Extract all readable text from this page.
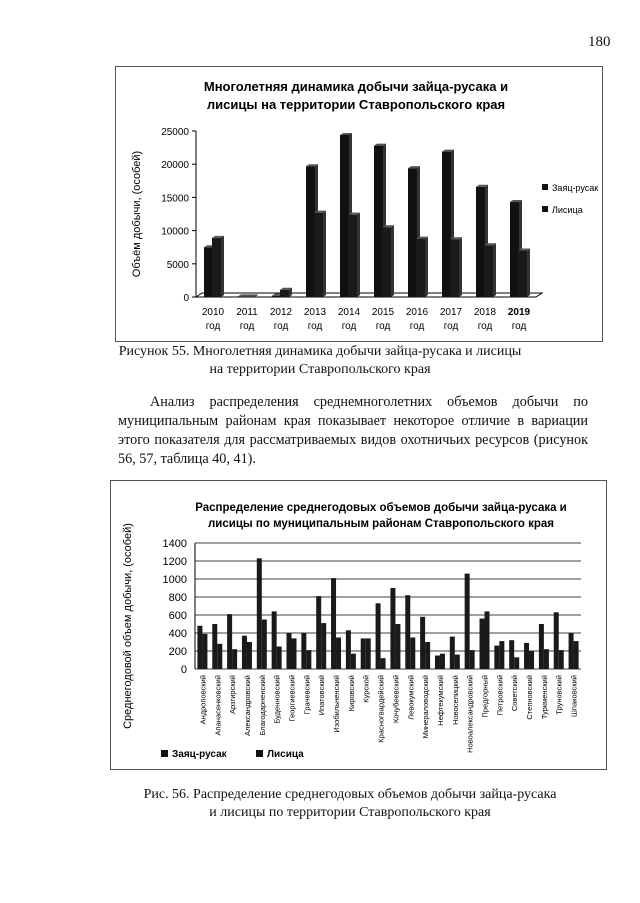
180
Многолетняя динамика добычи зайца-русака и
лисицы на территории Ставропольского края
0
5000
10000
15000
20000
25000
Объём добычи, (особей)
2010
год
2011
год
2012
год
2013
год
2014
год
2015
год
2016
год
2017
год
2018
год
2019
год
Заяц-русак
Лисица
Рисунок 55. Многолетняя динамика добычи зайца-русака и лисицы
на территории Ставропольского края
Анализ распределения среднемноголетних объемов добычи по муниципальным районам края показывает некоторое отличие в вариации этого показателя для рассматриваемых видов охотничьих ресурсов (рисунок 56, 57, таблица 40, 41).
Распределение среднегодовых объемов добычи зайца-русака и
лисицы по муниципальным районам Ставропольского края
0
200
400
600
800
1000
1200
1400
Среднегодовой объем добычи, (особей)	Андроповский Апанасенковский Арзгирский Александровский Благодарненский Буденновский Георгиевский Грачевский Ипатовский Изобильненский Кировский Курской Красногвардейский Кочубеевский Левокумский Минераловодский Нефтекумский Новоселицкий Новоалександровский Предгорный Петровский Советский Степновский Туркменский Труновский Шпаковский
Заяц-русак	Лисица
Рис. 56. Распределение среднегодовых объемов добычи зайца-русака
и лисицы по территории Ставропольского края
